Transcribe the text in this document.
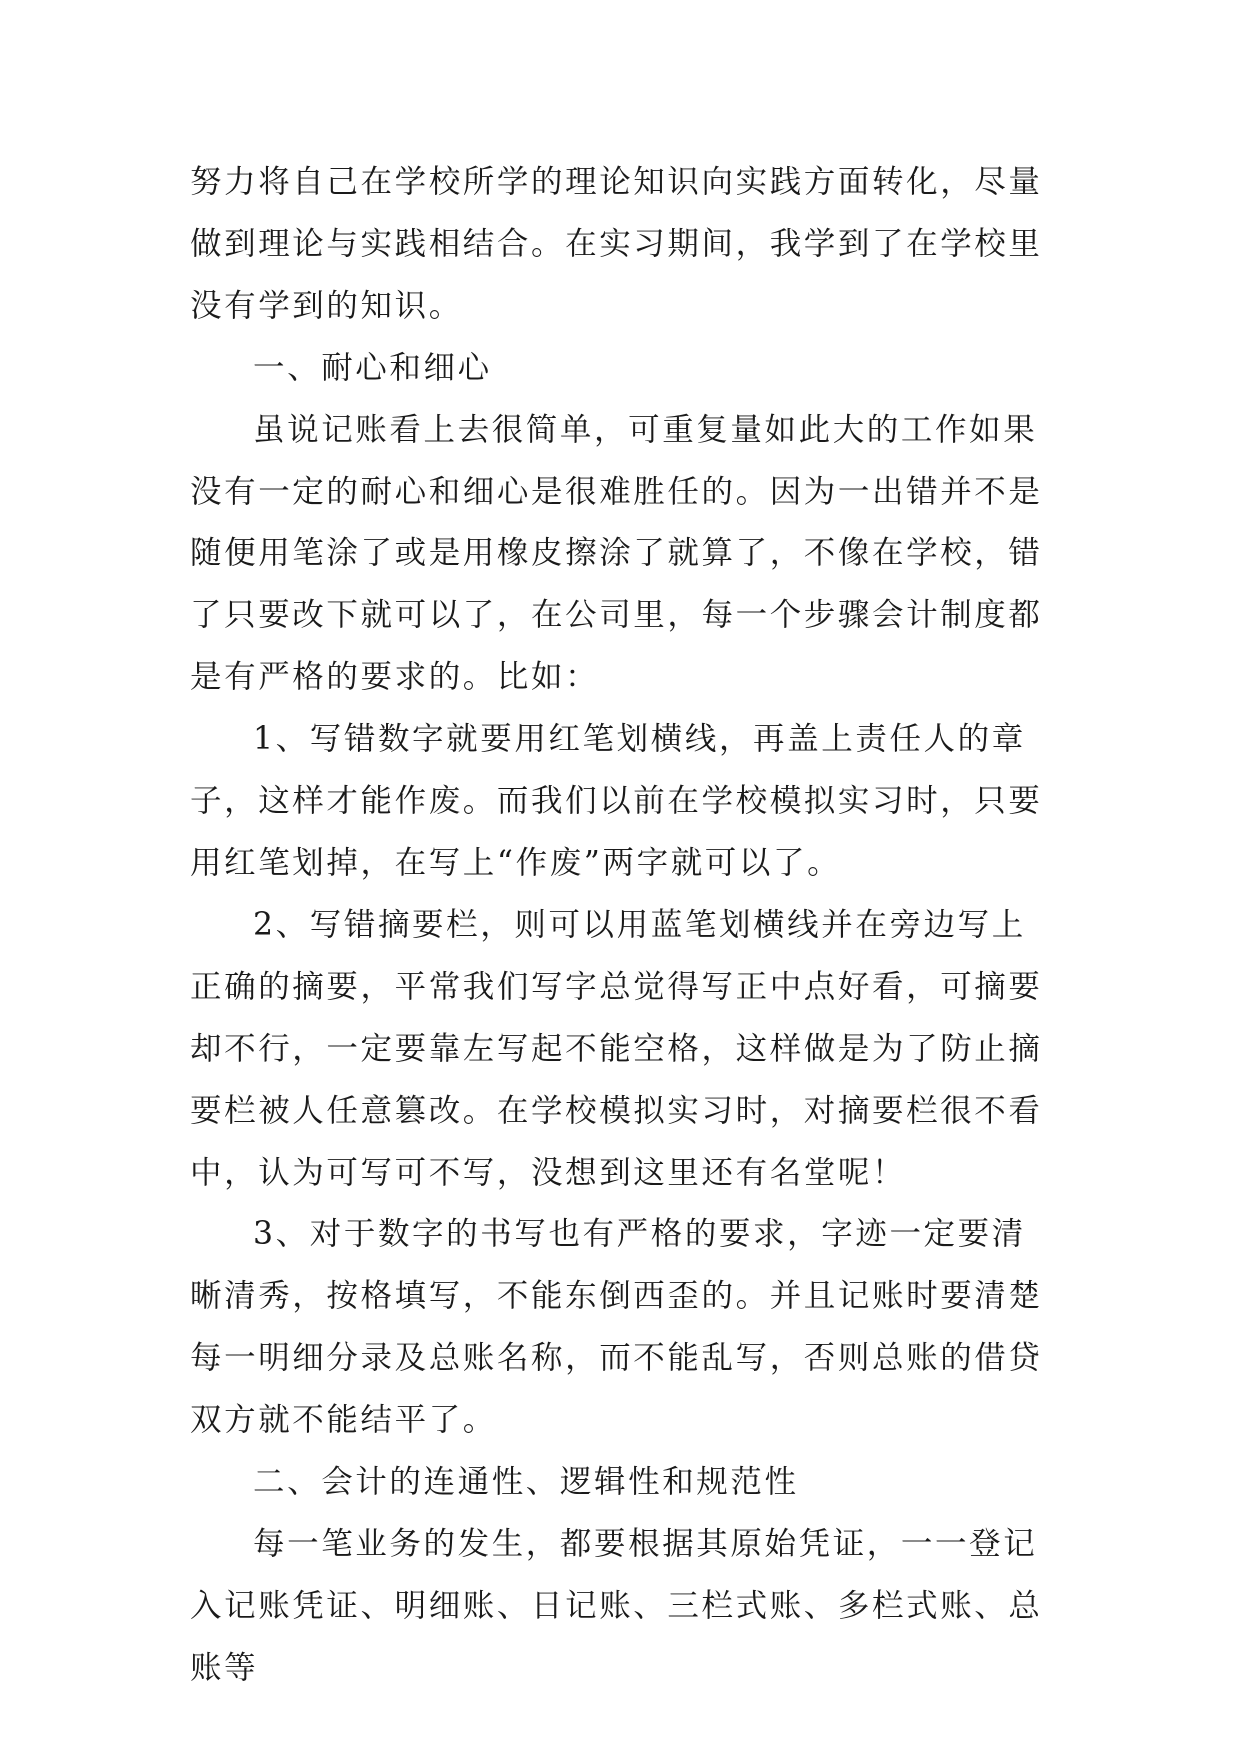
努力将自己在学校所学的理论知识向实践方面转化，尽量做到理论与实践相结合。在实习期间，我学到了在学校里没有学到的知识。

一、耐心和细心

虽说记账看上去很简单，可重复量如此大的工作如果没有一定的耐心和细心是很难胜任的。因为一出错并不是随便用笔涂了或是用橡皮擦涂了就算了，不像在学校，错了只要改下就可以了，在公司里，每一个步骤会计制度都是有严格的要求的。比如：

1、写错数字就要用红笔划横线，再盖上责任人的章子，这样才能作废。而我们以前在学校模拟实习时，只要用红笔划掉，在写上“作废”两字就可以了。

2、写错摘要栏，则可以用蓝笔划横线并在旁边写上正确的摘要，平常我们写字总觉得写正中点好看，可摘要却不行，一定要靠左写起不能空格，这样做是为了防止摘要栏被人任意篡改。在学校模拟实习时，对摘要栏很不看中，认为可写可不写，没想到这里还有名堂呢！

3、对于数字的书写也有严格的要求，字迹一定要清晰清秀，按格填写，不能东倒西歪的。并且记账时要清楚每一明细分录及总账名称，而不能乱写，否则总账的借贷双方就不能结平了。

二、会计的连通性、逻辑性和规范性

每一笔业务的发生，都要根据其原始凭证，一一登记入记账凭证、明细账、日记账、三栏式账、多栏式账、总账等
